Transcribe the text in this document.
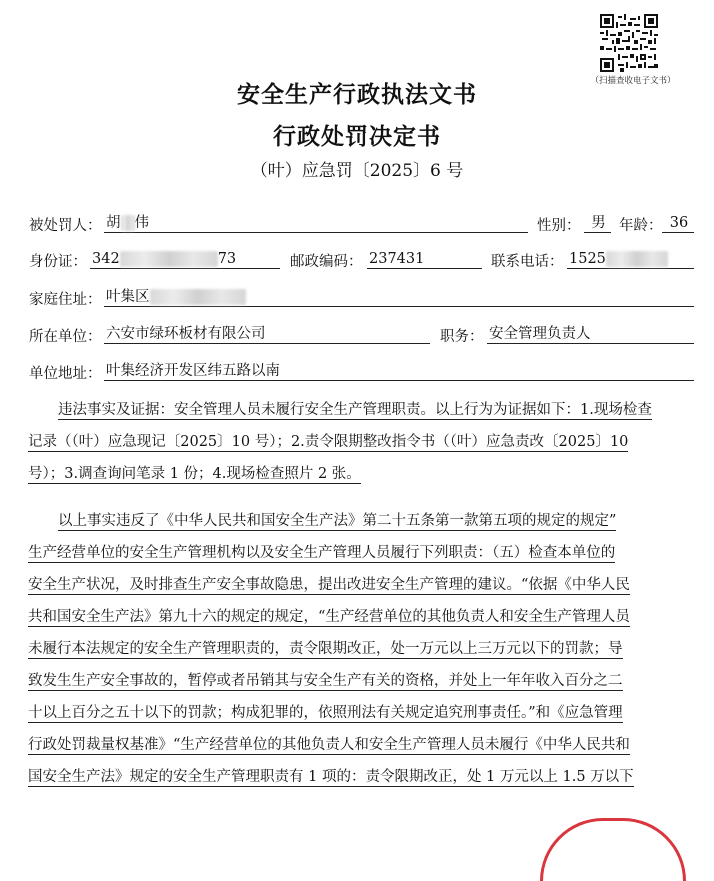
（扫描查收电子文书）
安全生产行政执法文书
行政处罚决定书
（叶）应急罚〔2025〕6 号
被处罚人： 胡 伟	性别： 男 年龄： 36
身份证： 342	73	邮政编码： 237431	联系电话： 1525
家庭住址： 叶集区
所在单位： 六安市绿环板材有限公司	职务： 安全管理负责人
单位地址： 叶集经济开发区纬五路以南
违法事实及证据：安全管理人员未履行安全生产管理职责。以上行为为证据如下：1.现场检查
记录（（叶）应急现记〔2025〕10 号）；2.责令限期整改指令书（（叶）应急责改〔2025〕10
号）；3.调查询问笔录 1 份；4.现场检查照片 2 张。
以上事实违反了《中华人民共和国安全生产法》第二十五条第一款第五项的规定的规定”
生产经营单位的安全生产管理机构以及安全生产管理人员履行下列职责：（五）检查本单位的
安全生产状况，及时排查生产安全事故隐患，提出改进安全生产管理的建议。“依据《中华人民
共和国安全生产法》第九十六的规定的规定，“生产经营单位的其他负责人和安全生产管理人员
未履行本法规定的安全生产管理职责的，责令限期改正，处一万元以上三万元以下的罚款；导
致发生生产安全事故的，暂停或者吊销其与安全生产有关的资格，并处上一年年收入百分之二
十以上百分之五十以下的罚款；构成犯罪的，依照刑法有关规定追究刑事责任。”和《应急管理
行政处罚裁量权基准》“生产经营单位的其他负责人和安全生产管理人员未履行《中华人民共和
国安全生产法》规定的安全生产管理职责有 1 项的：责令限期改正，处 1 万元以上 1.5 万以下
